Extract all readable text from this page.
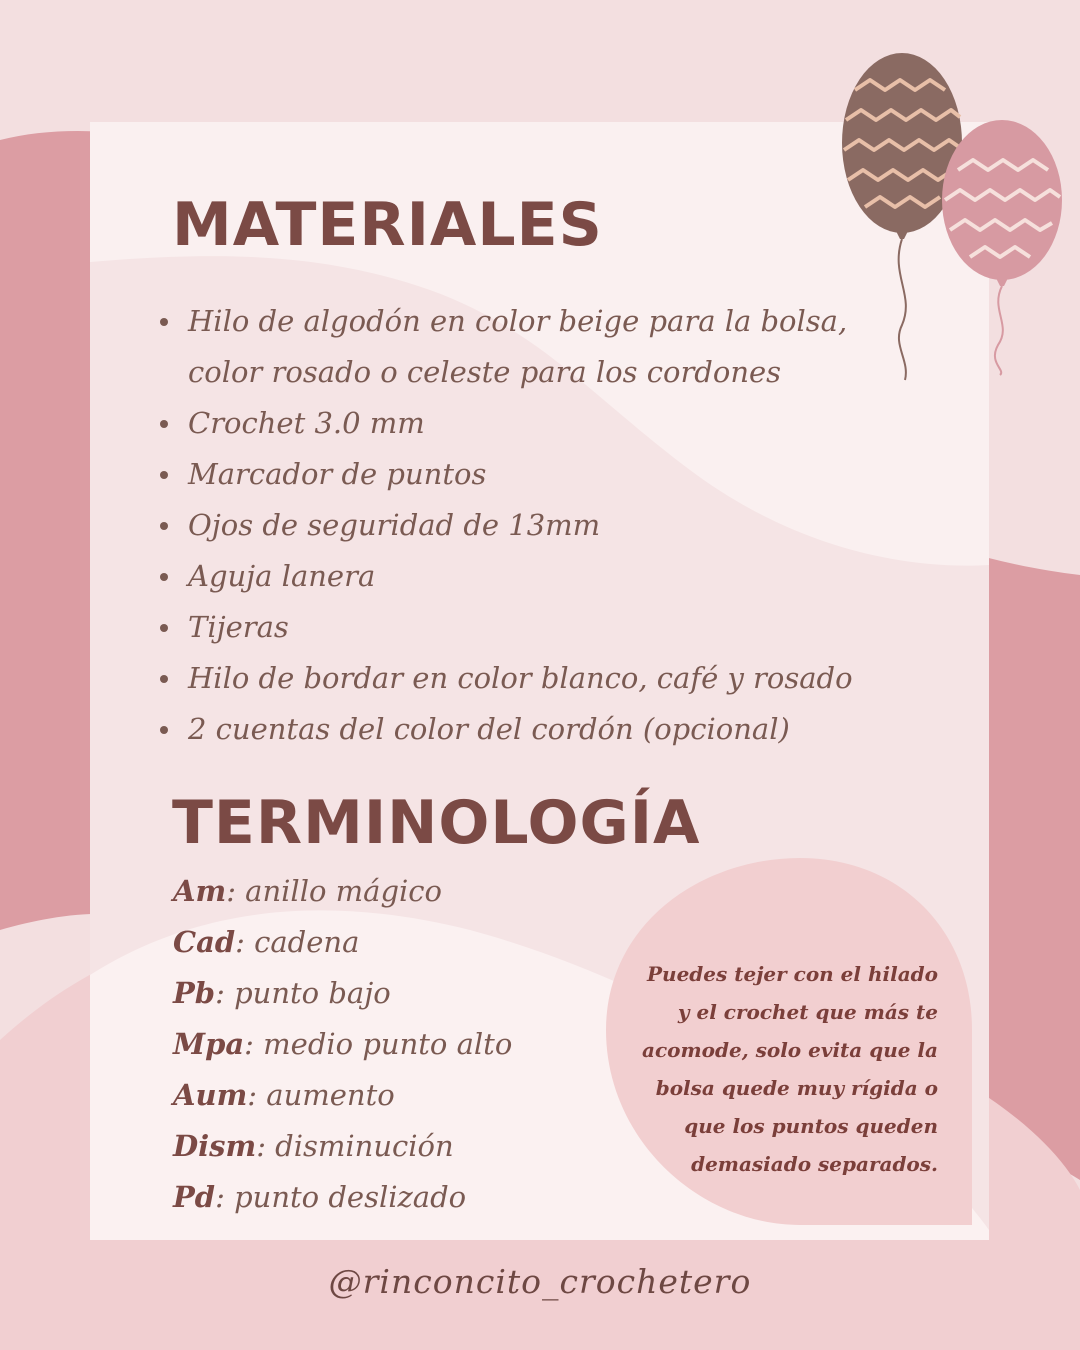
MATERIALES
Hilo de algodón en color beige para la bolsa, color rosado o celeste para los cordones
Crochet 3.0 mm
Marcador de puntos
Ojos de seguridad de 13mm
Aguja lanera
Tijeras
Hilo de bordar en color blanco, café y rosado
2 cuentas del color del cordón (opcional)
TERMINOLOGÍA
Am: anillo mágico
Cad: cadena
Pb: punto bajo
Mpa: medio punto alto
Aum: aumento
Dism: disminución
Pd: punto deslizado

Puedes tejer con el hilado
y el crochet que más te
acomode, solo evita que la
bolsa quede muy rígida o
que los puntos queden
demasiado separados.

@rinconcito_crochetero
